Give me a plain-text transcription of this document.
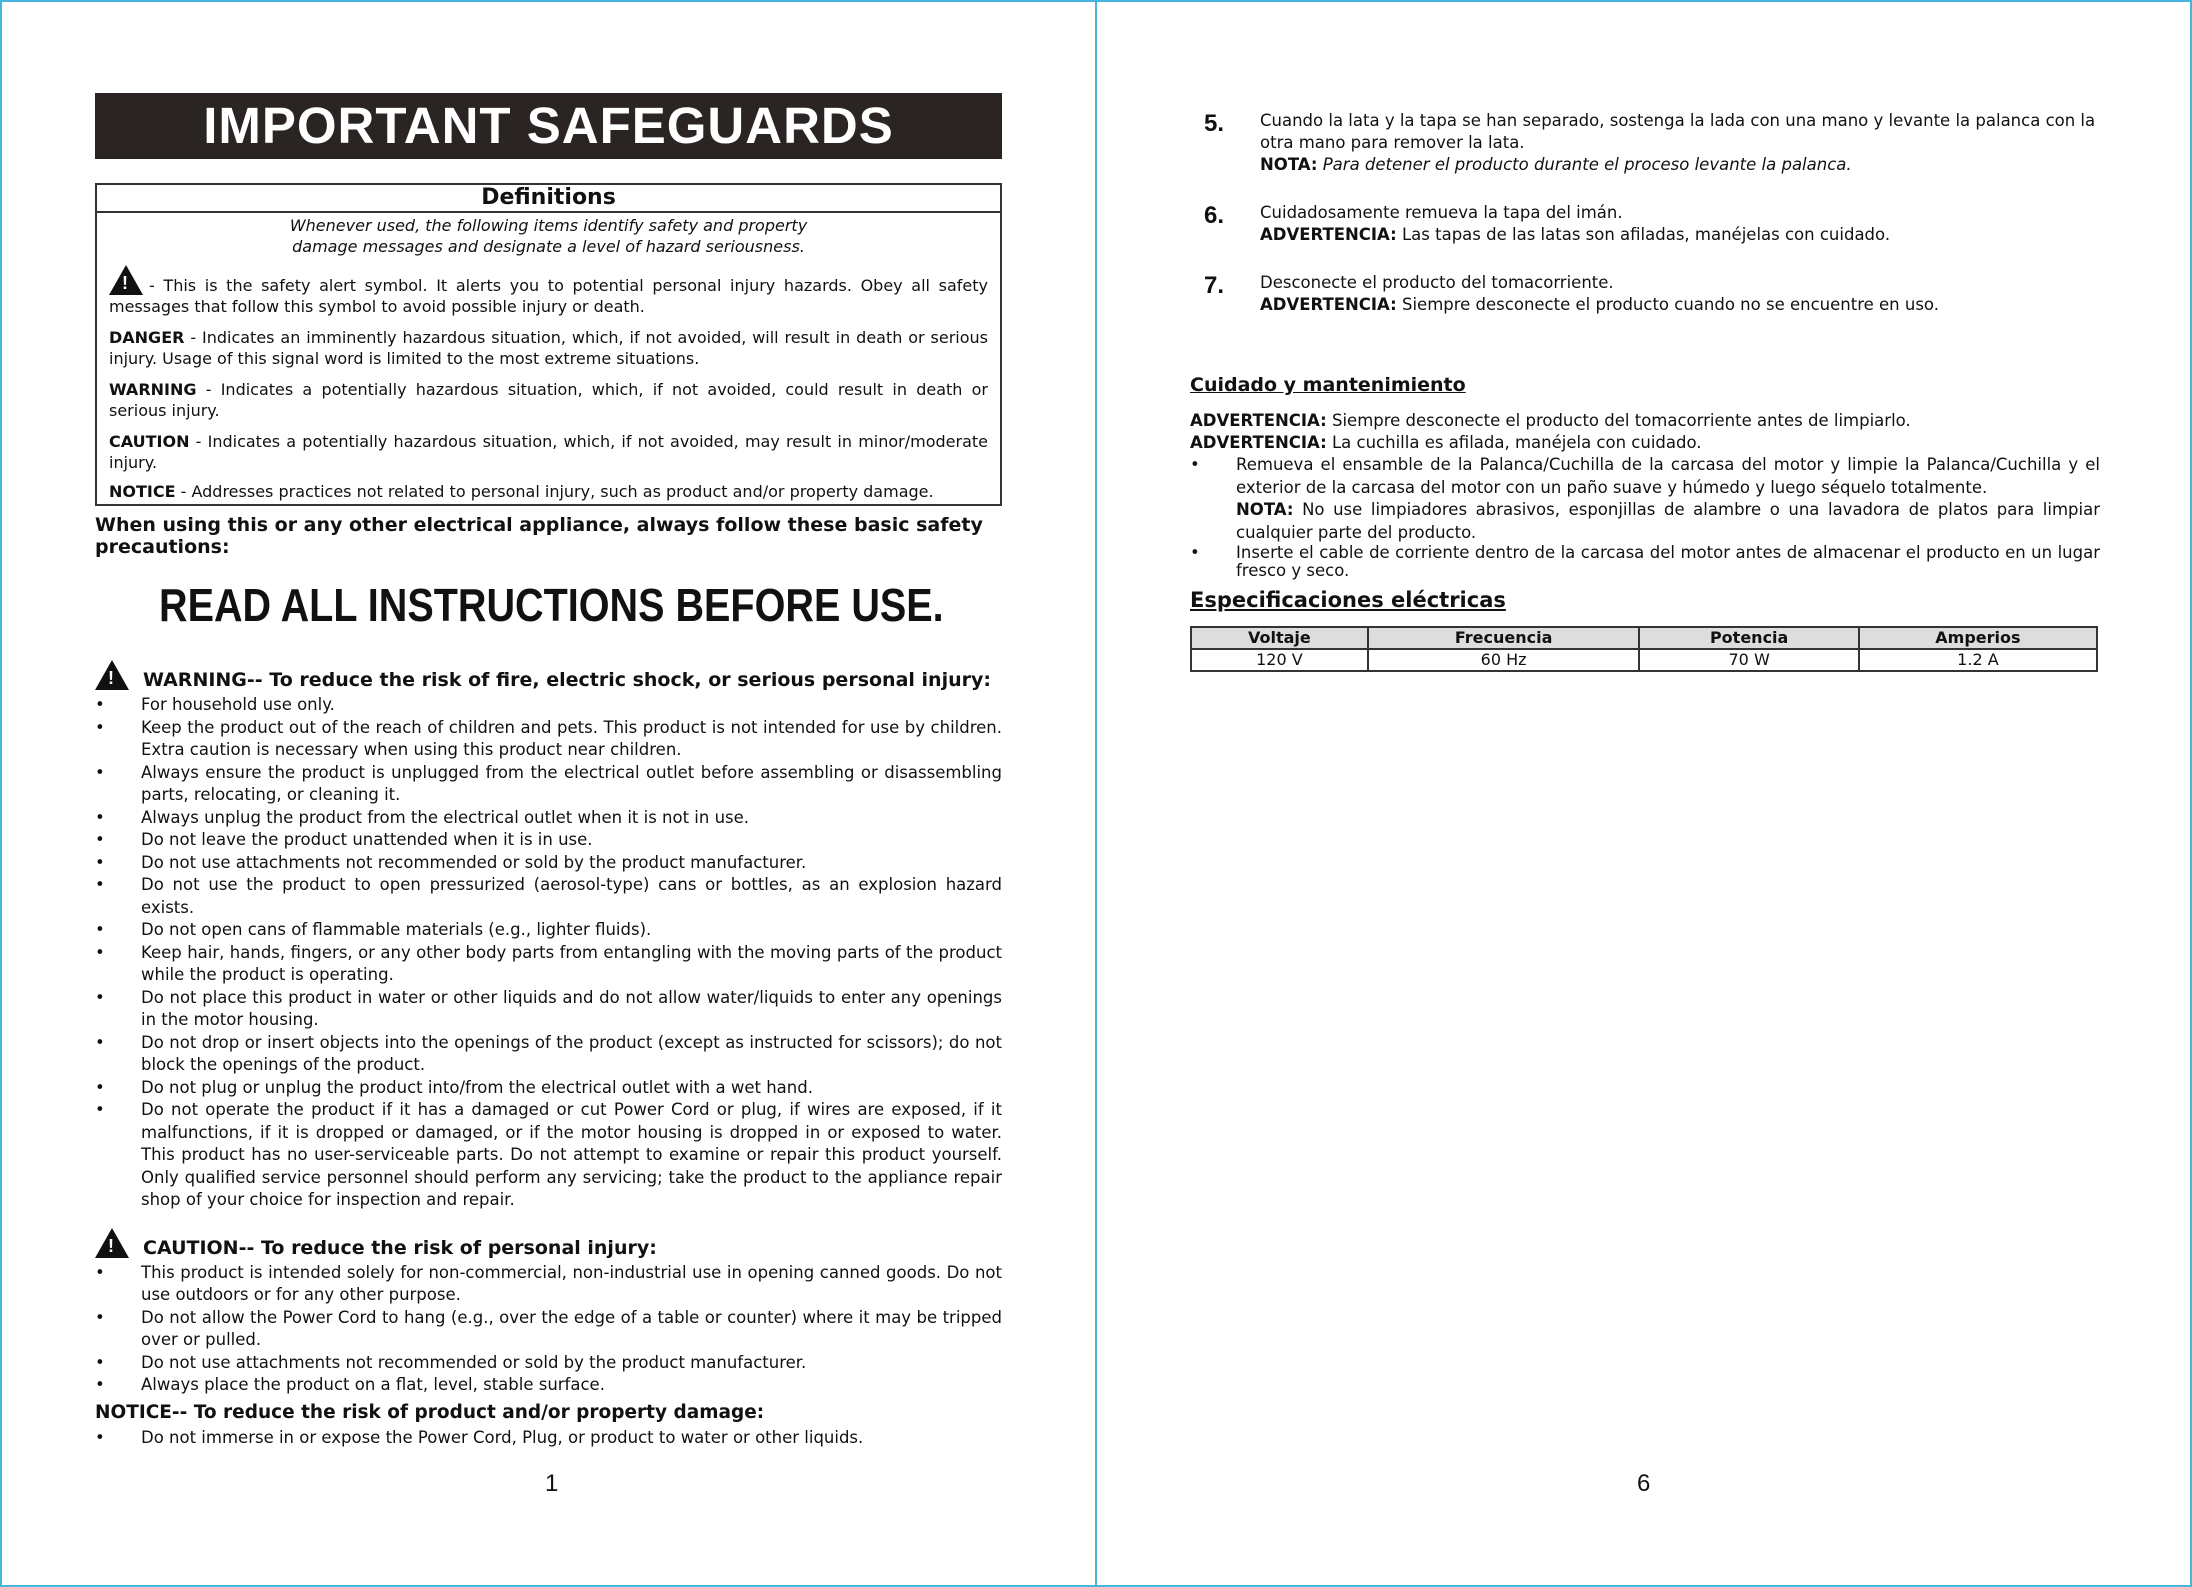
IMPORTANT SAFEGUARDS
Definitions
Whenever used, the following items identify safety and property
damage messages and designate a level of hazard seriousness.
!- This is the safety alert symbol. It alerts you to potential personal injury hazards. Obey all safety messages that follow this symbol to avoid possible injury or death.
DANGER - Indicates an imminently hazardous situation, which, if not avoided, will result in death or serious injury. Usage of this signal word is limited to the most extreme situations.
WARNING - Indicates a potentially hazardous situation, which, if not avoided, could result in death or serious injury.
CAUTION - Indicates a potentially hazardous situation, which, if not avoided, may result in minor/moderate injury.
NOTICE - Addresses practices not related to personal injury, such as product and/or property damage.
When using this or any other electrical appliance, always follow these basic safety precautions:
READ ALL INSTRUCTIONS BEFORE USE.
!WARNING-- To reduce the risk of fire, electric shock, or serious personal injury:
• For household use only.
• Keep the product out of the reach of children and pets. This product is not intended for use by children. Extra caution is necessary when using this product near children.
• Always ensure the product is unplugged from the electrical outlet before assembling or disassembling parts, relocating, or cleaning it.
• Always unplug the product from the electrical outlet when it is not in use.
• Do not leave the product unattended when it is in use.
• Do not use attachments not recommended or sold by the product manufacturer.
• Do not use the product to open pressurized (aerosol-type) cans or bottles, as an explosion hazard exists.
• Do not open cans of flammable materials (e.g., lighter fluids).
• Keep hair, hands, fingers, or any other body parts from entangling with the moving parts of the product while the product is operating.
• Do not place this product in water or other liquids and do not allow water/liquids to enter any openings in the motor housing.
• Do not drop or insert objects into the openings of the product (except as instructed for scissors); do not block the openings of the product.
• Do not plug or unplug the product into/from the electrical outlet with a wet hand.
• Do not operate the product if it has a damaged or cut Power Cord or plug, if wires are exposed, if it malfunctions, if it is dropped or damaged, or if the motor housing is dropped in or exposed to water. This product has no user-serviceable parts. Do not attempt to examine or repair this product yourself. Only qualified service personnel should perform any servicing; take the product to the appliance repair shop of your choice for inspection and repair.
!CAUTION-- To reduce the risk of personal injury:
• This product is intended solely for non-commercial, non-industrial use in opening canned goods. Do not use outdoors or for any other purpose.
• Do not allow the Power Cord to hang (e.g., over the edge of a table or counter) where it may be tripped over or pulled.
• Do not use attachments not recommended or sold by the product manufacturer.
• Always place the product on a flat, level, stable surface.
NOTICE-- To reduce the risk of product and/or property damage:
• Do not immerse in or expose the Power Cord, Plug, or product to water or other liquids.
1
5.	Cuando la lata y la tapa se han separado, sostenga la lada con una mano y levante la palanca con la otra mano para remover la lata.
NOTA: Para detener el producto durante el proceso levante la palanca.
6.	Cuidadosamente remueva la tapa del imán.
ADVERTENCIA: Las tapas de las latas son afiladas, manéjelas con cuidado.
7.	Desconecte el producto del tomacorriente.
ADVERTENCIA: Siempre desconecte el producto cuando no se encuentre en uso.
Cuidado y mantenimiento
ADVERTENCIA: Siempre desconecte el producto del tomacorriente antes de limpiarlo.
ADVERTENCIA: La cuchilla es afilada, manéjela con cuidado.
• Remueva el ensamble de la Palanca/Cuchilla de la carcasa del motor y limpie la Palanca/Cuchilla y el exterior de la carcasa del motor con un paño suave y húmedo y luego séquelo totalmente.
NOTA: No use limpiadores abrasivos, esponjillas de alambre o una lavadora de platos para limpiar cualquier parte del producto.
• Inserte el cable de corriente dentro de la carcasa del motor antes de almacenar el producto en un lugar fresco y seco.
Especificaciones eléctricas
Voltaje	Frecuencia	Potencia	Amperios
120 V	60 Hz	70 W	1.2 A
6
